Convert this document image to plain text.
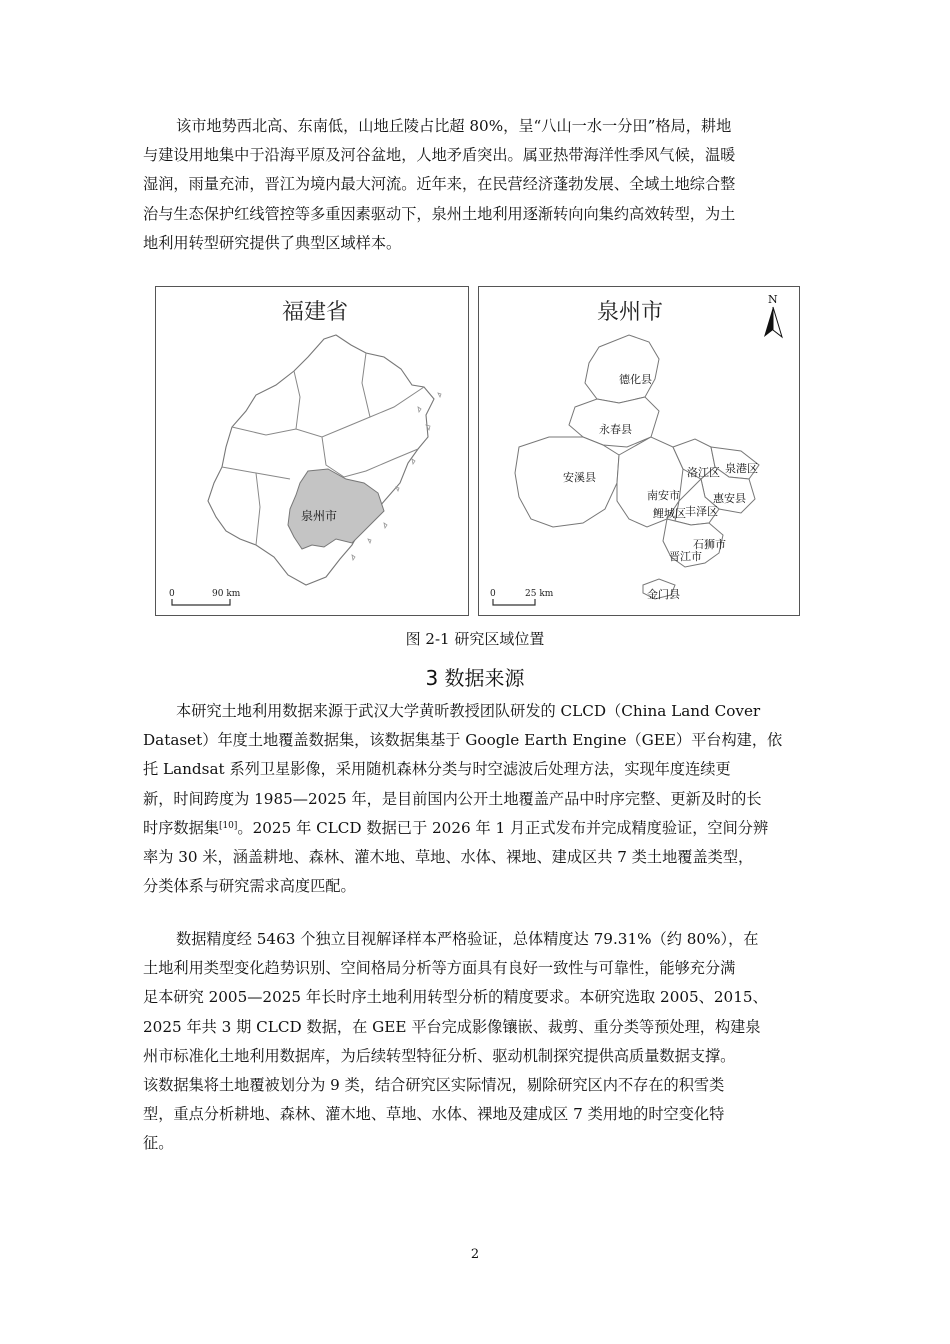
该市地势西北高、东南低，山地丘陵占比超 80%，呈“八山一水一分田”格局，耕地
与建设用地集中于沿海平原及河谷盆地，人地矛盾突出。属亚热带海洋性季风气候，温暖
湿润，雨量充沛，晋江为境内最大河流。近年来，在民营经济蓬勃发展、全域土地综合整
治与生态保护红线管控等多重因素驱动下，泉州土地利用逐渐转向向集约高效转型，为土
地利用转型研究提供了典型区域样本。
福建省
泉州市
0	90 km
泉州市
N
德化县
永春县
安溪县
南安市
洛江区 泉港区
惠安县
鲤城区 丰泽区
石狮市
晋江市
金门县
0	25 km
图 2-1 研究区域位置
3 数据来源
本研究土地利用数据来源于武汉大学黄昕教授团队研发的 CLCD（China Land Cover
Dataset）年度土地覆盖数据集，该数据集基于 Google Earth Engine（GEE）平台构建，依
托 Landsat 系列卫星影像，采用随机森林分类与时空滤波后处理方法，实现年度连续更
新，时间跨度为 1985—2025 年，是目前国内公开土地覆盖产品中时序完整、更新及时的长
时序数据集[10]。2025 年 CLCD 数据已于 2026 年 1 月正式发布并完成精度验证，空间分辨
率为 30 米，涵盖耕地、森林、灌木地、草地、水体、裸地、建成区共 7 类土地覆盖类型，
分类体系与研究需求高度匹配。
数据精度经 5463 个独立目视解译样本严格验证，总体精度达 79.31%（约 80%），在
土地利用类型变化趋势识别、空间格局分析等方面具有良好一致性与可靠性，能够充分满
足本研究 2005—2025 年长时序土地利用转型分析的精度要求。本研究选取 2005、2015、
2025 年共 3 期 CLCD 数据，在 GEE 平台完成影像镶嵌、裁剪、重分类等预处理，构建泉
州市标准化土地利用数据库，为后续转型特征分析、驱动机制探究提供高质量数据支撑。
该数据集将土地覆被划分为 9 类，结合研究区实际情况，剔除研究区内不存在的积雪类
型，重点分析耕地、森林、灌木地、草地、水体、裸地及建成区 7 类用地的时空变化特
征。
2
